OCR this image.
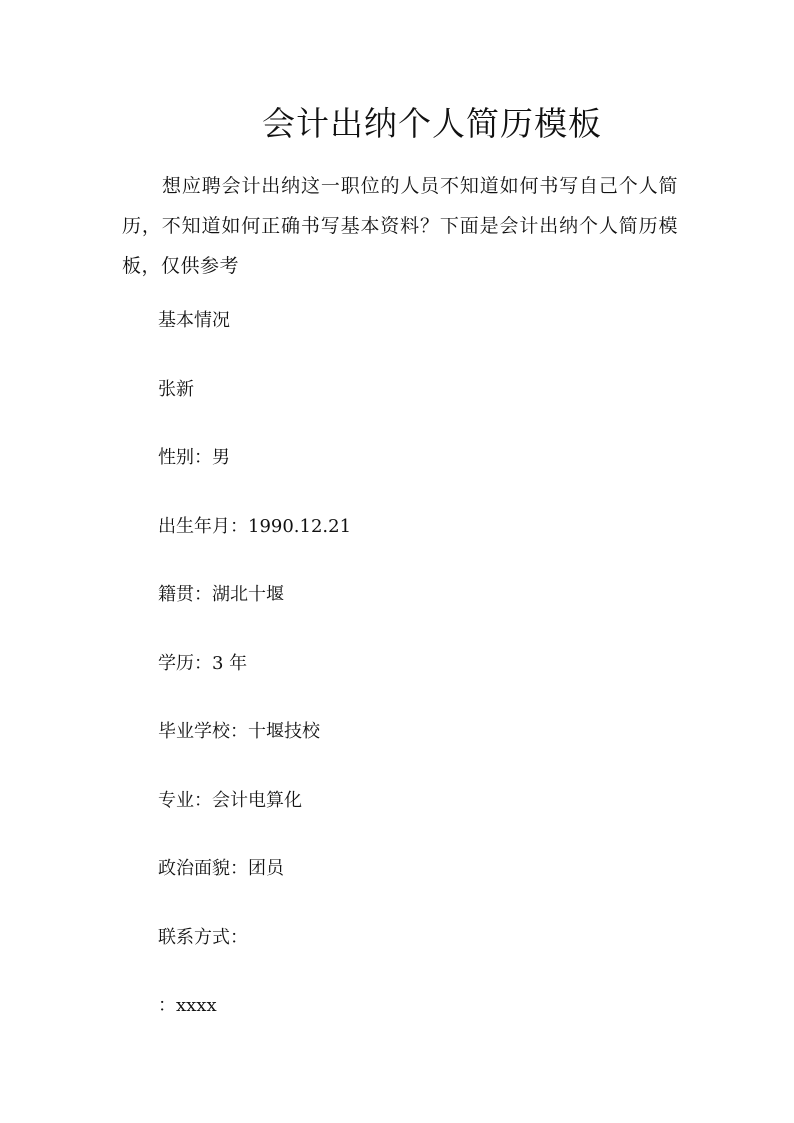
会计出纳个人简历模板

想应聘会计出纳这一职位的人员不知道如何书写自己个人简历，不知道如何正确书写基本资料？下面是会计出纳个人简历模板，仅供参考

基本情况
张新
性别：男
出生年月：1990.12.21
籍贯：湖北十堰
学历：3 年
毕业学校：十堰技校
专业：会计电算化
政治面貌：团员
联系方式：
：xxxx
